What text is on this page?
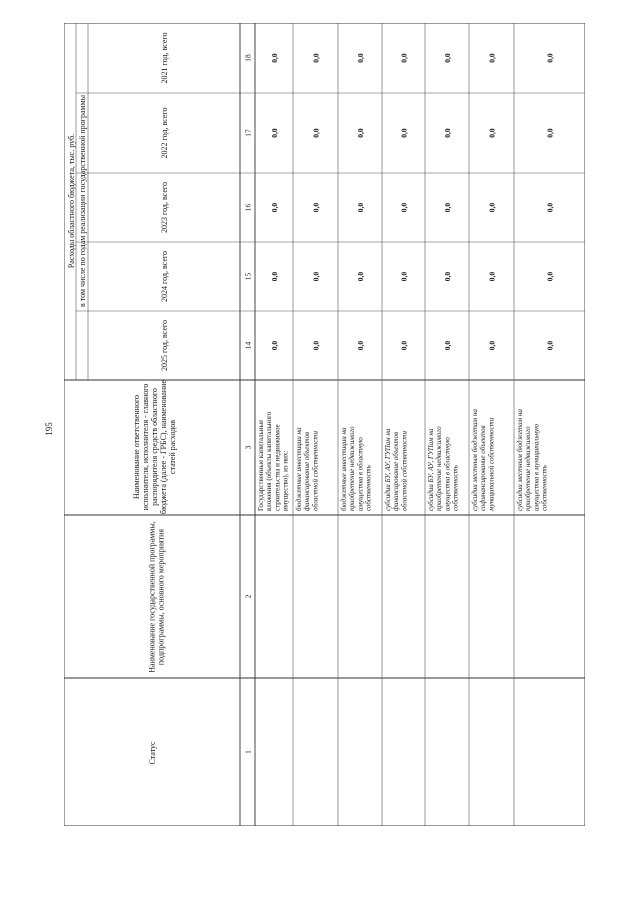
195
Расходы областного бюджета, тыс. руб. в том числе по годам реализации государственной программы
2021 год, всего
2022 год, всего
2023 год, всего
2024 год, всего
2025 год, всего
Наименование ответственногоисполнителя, исполнителя - главногораспорядителя средств областногобюджета (далее - ГРБС), наименованиестатей расходов
Наименование государственной программы,подпрограммы, основного мероприятия
Статус
18
17
16
15
14
3
2
1
Государственные капитальныевложения (объекты капитальногостроительства и недвижимоеимущество), из них:
0,0
0,0
0,0
0,0
0,0
бюджетные инвестиции нафинансирование объектовобластной собственности
0,0
0,0
0,0
0,0
0,0
бюджетные инвестиции наприобретение недвижимогоимущества в областнуюсобственность
0,0
0,0
0,0
0,0
0,0
субсидии БУ, АУ, ГУПам нафинансирование объектовобластной собственности
0,0
0,0
0,0
0,0
0,0
субсидии БУ, АУ, ГУПам наприобретение недвижимогоимущества в областнуюсобственность
0,0
0,0
0,0
0,0
0,0
субсидии местным бюджетам насофинансирование объектовмуниципальной собственности
0,0
0,0
0,0
0,0
0,0
субсидии местным бюджетам наприобретение недвижимогоимущества в муниципальнуюсобственность
0,0
0,0
0,0
0,0
0,0
